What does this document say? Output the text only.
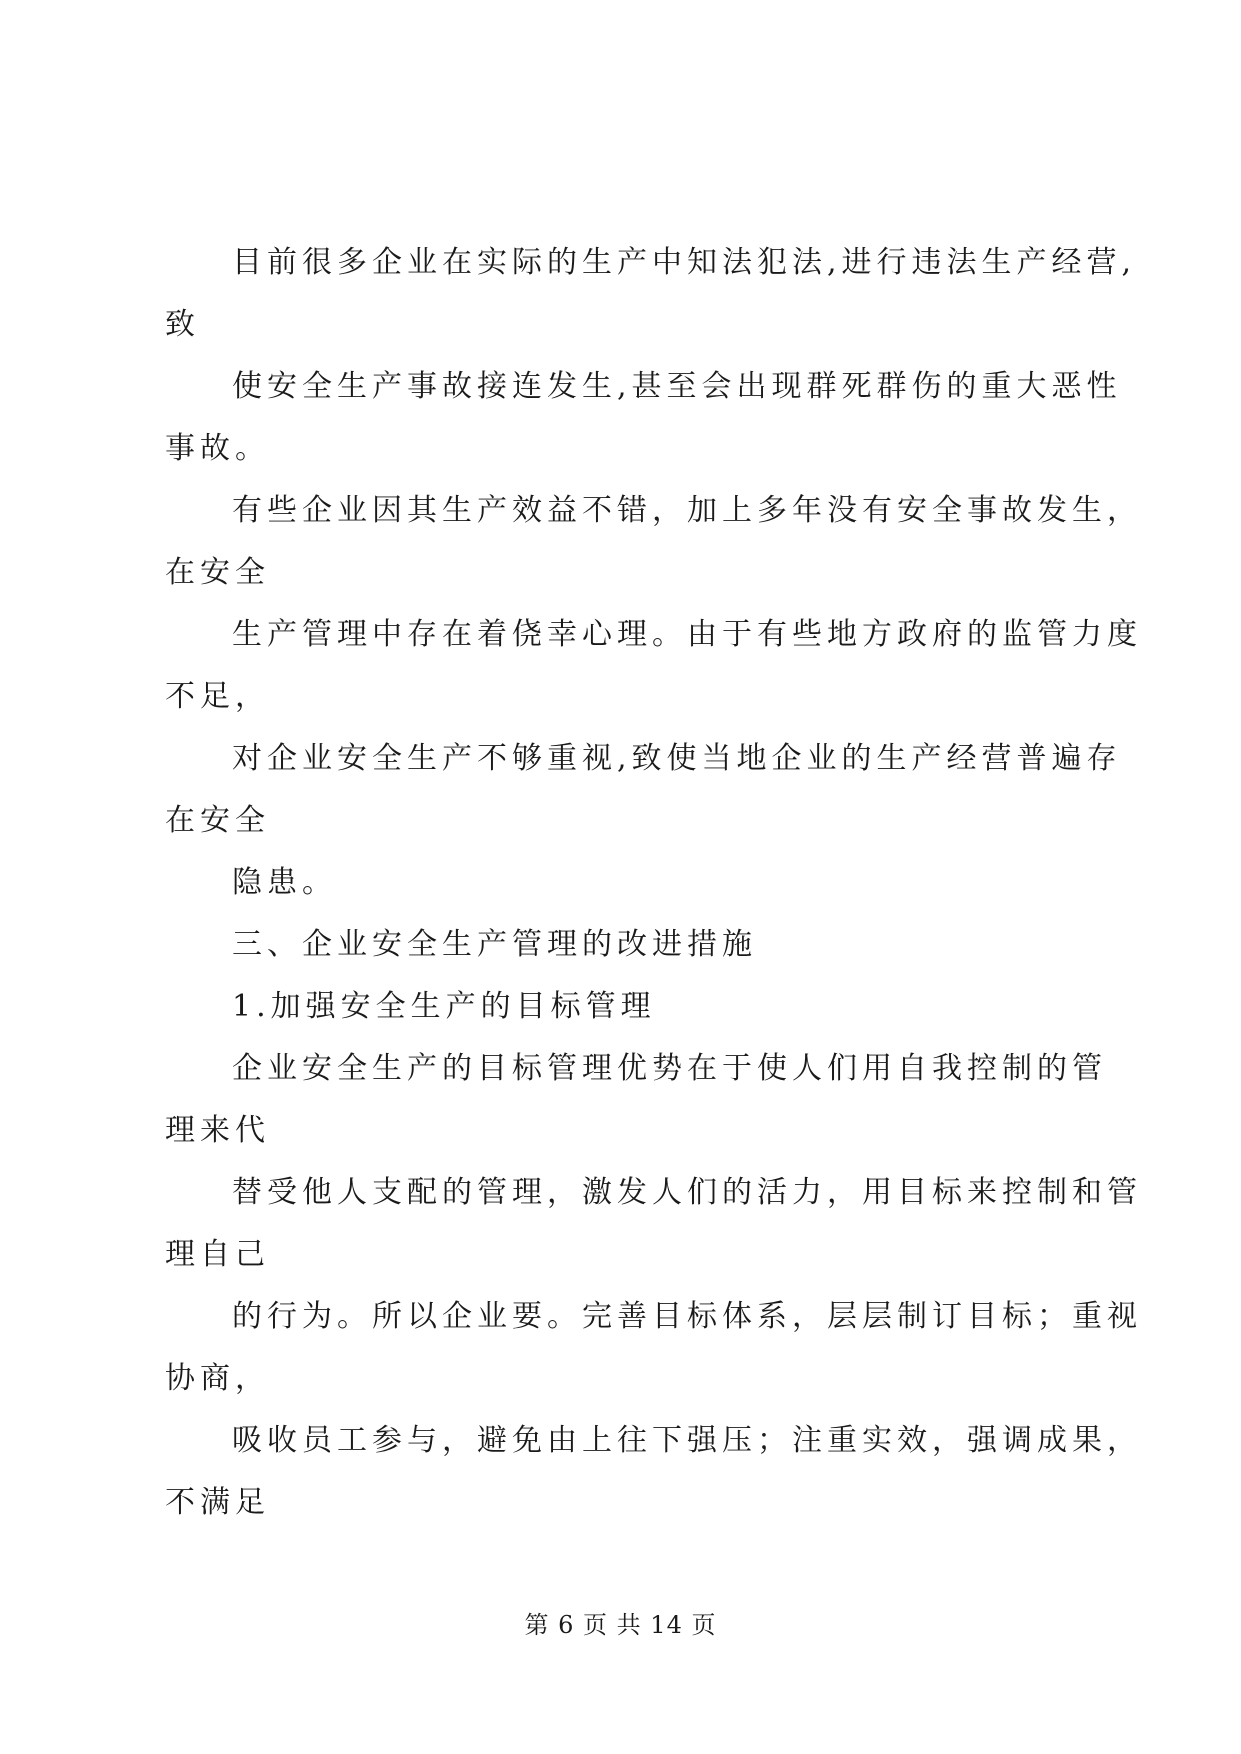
目前很多企业在实际的生产中知法犯法,进行违法生产经营,
致
使安全生产事故接连发生,甚至会出现群死群伤的重大恶性
事故。
有些企业因其生产效益不错，加上多年没有安全事故发生，
在安全
生产管理中存在着侥幸心理。由于有些地方政府的监管力度
不足，
对企业安全生产不够重视,致使当地企业的生产经营普遍存
在安全
隐患。
三、企业安全生产管理的改进措施
1.加强安全生产的目标管理
企业安全生产的目标管理优势在于使人们用自我控制的管
理来代
替受他人支配的管理，激发人们的活力，用目标来控制和管
理自己
的行为。所以企业要。完善目标体系，层层制订目标；重视
协商，
吸收员工参与，避免由上往下强压；注重实效，强调成果，
不满足
第 6 页 共 14 页
